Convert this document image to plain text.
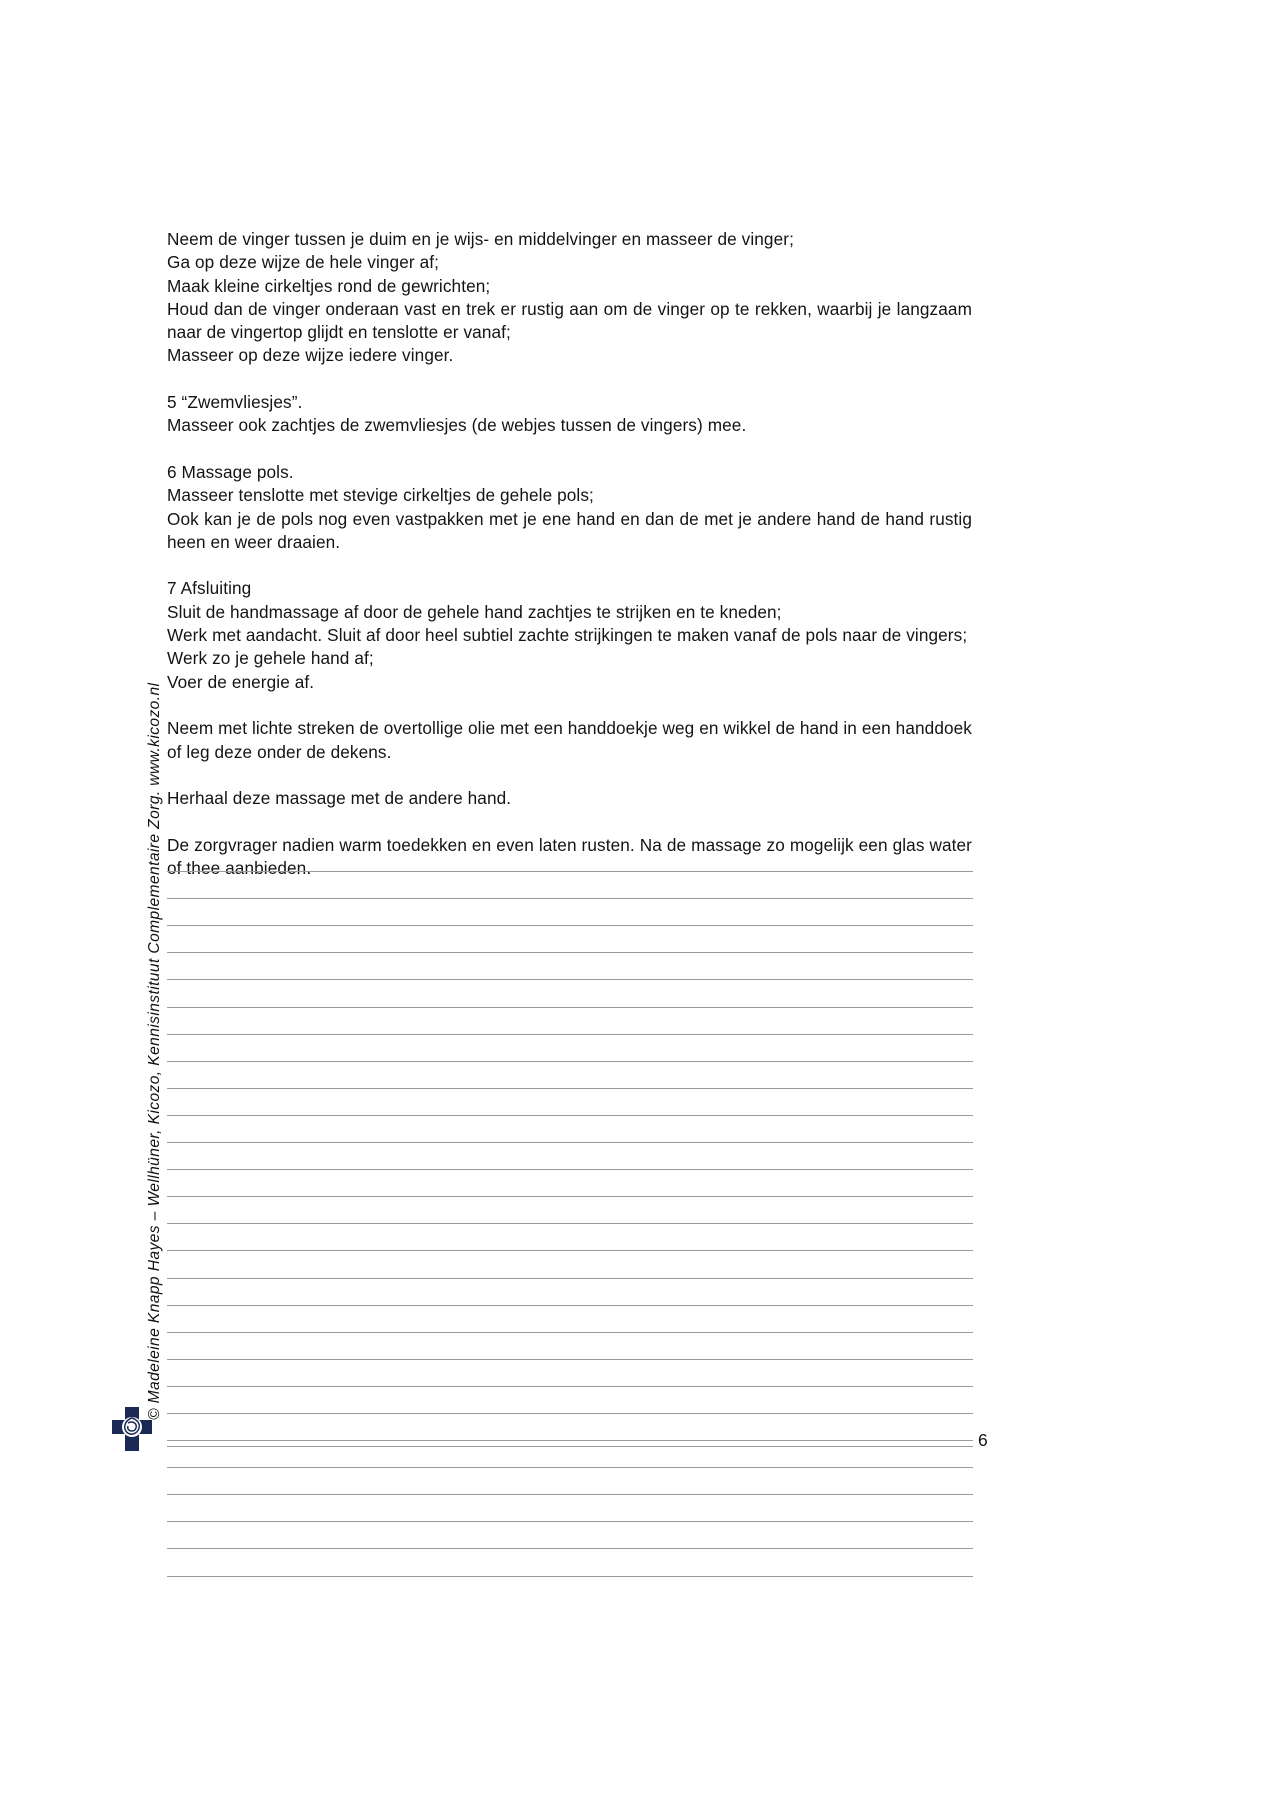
Neem de vinger tussen je duim en je wijs- en middelvinger en masseer de vinger;
Ga op deze wijze de hele vinger af;
Maak kleine cirkeltjes rond de gewrichten;
Houd dan de vinger onderaan vast en trek er rustig aan om de vinger op te rekken, waarbij je langzaam naar de vingertop glijdt en tenslotte er vanaf;
Masseer op deze wijze iedere vinger.

5 “Zwemvliesjes”.
Masseer ook zachtjes de zwemvliesjes (de webjes tussen de vingers) mee.

6 Massage pols.
Masseer tenslotte met stevige cirkeltjes de gehele pols;
Ook kan je de pols nog even vastpakken met je ene hand en dan de met je andere hand de hand rustig heen en weer draaien.

7 Afsluiting
Sluit de handmassage af door de gehele hand zachtjes te strijken en te kneden;
Werk met aandacht. Sluit af door heel subtiel zachte strijkingen te maken vanaf de pols naar de vingers;
Werk zo je gehele hand af;
Voer de energie af.

Neem met lichte streken de overtollige olie met een handdoekje weg en wikkel de hand in een handdoek of leg deze onder de dekens.

Herhaal deze massage met de andere hand.

De zorgvrager nadien warm toedekken en even laten rusten. Na de massage zo mogelijk een glas water of thee aanbieden.

© Madeleine Knapp Hayes – Wellhüner, Kicozo, Kennisinstituut Complementaire Zorg. www.kicozo.nl
6
